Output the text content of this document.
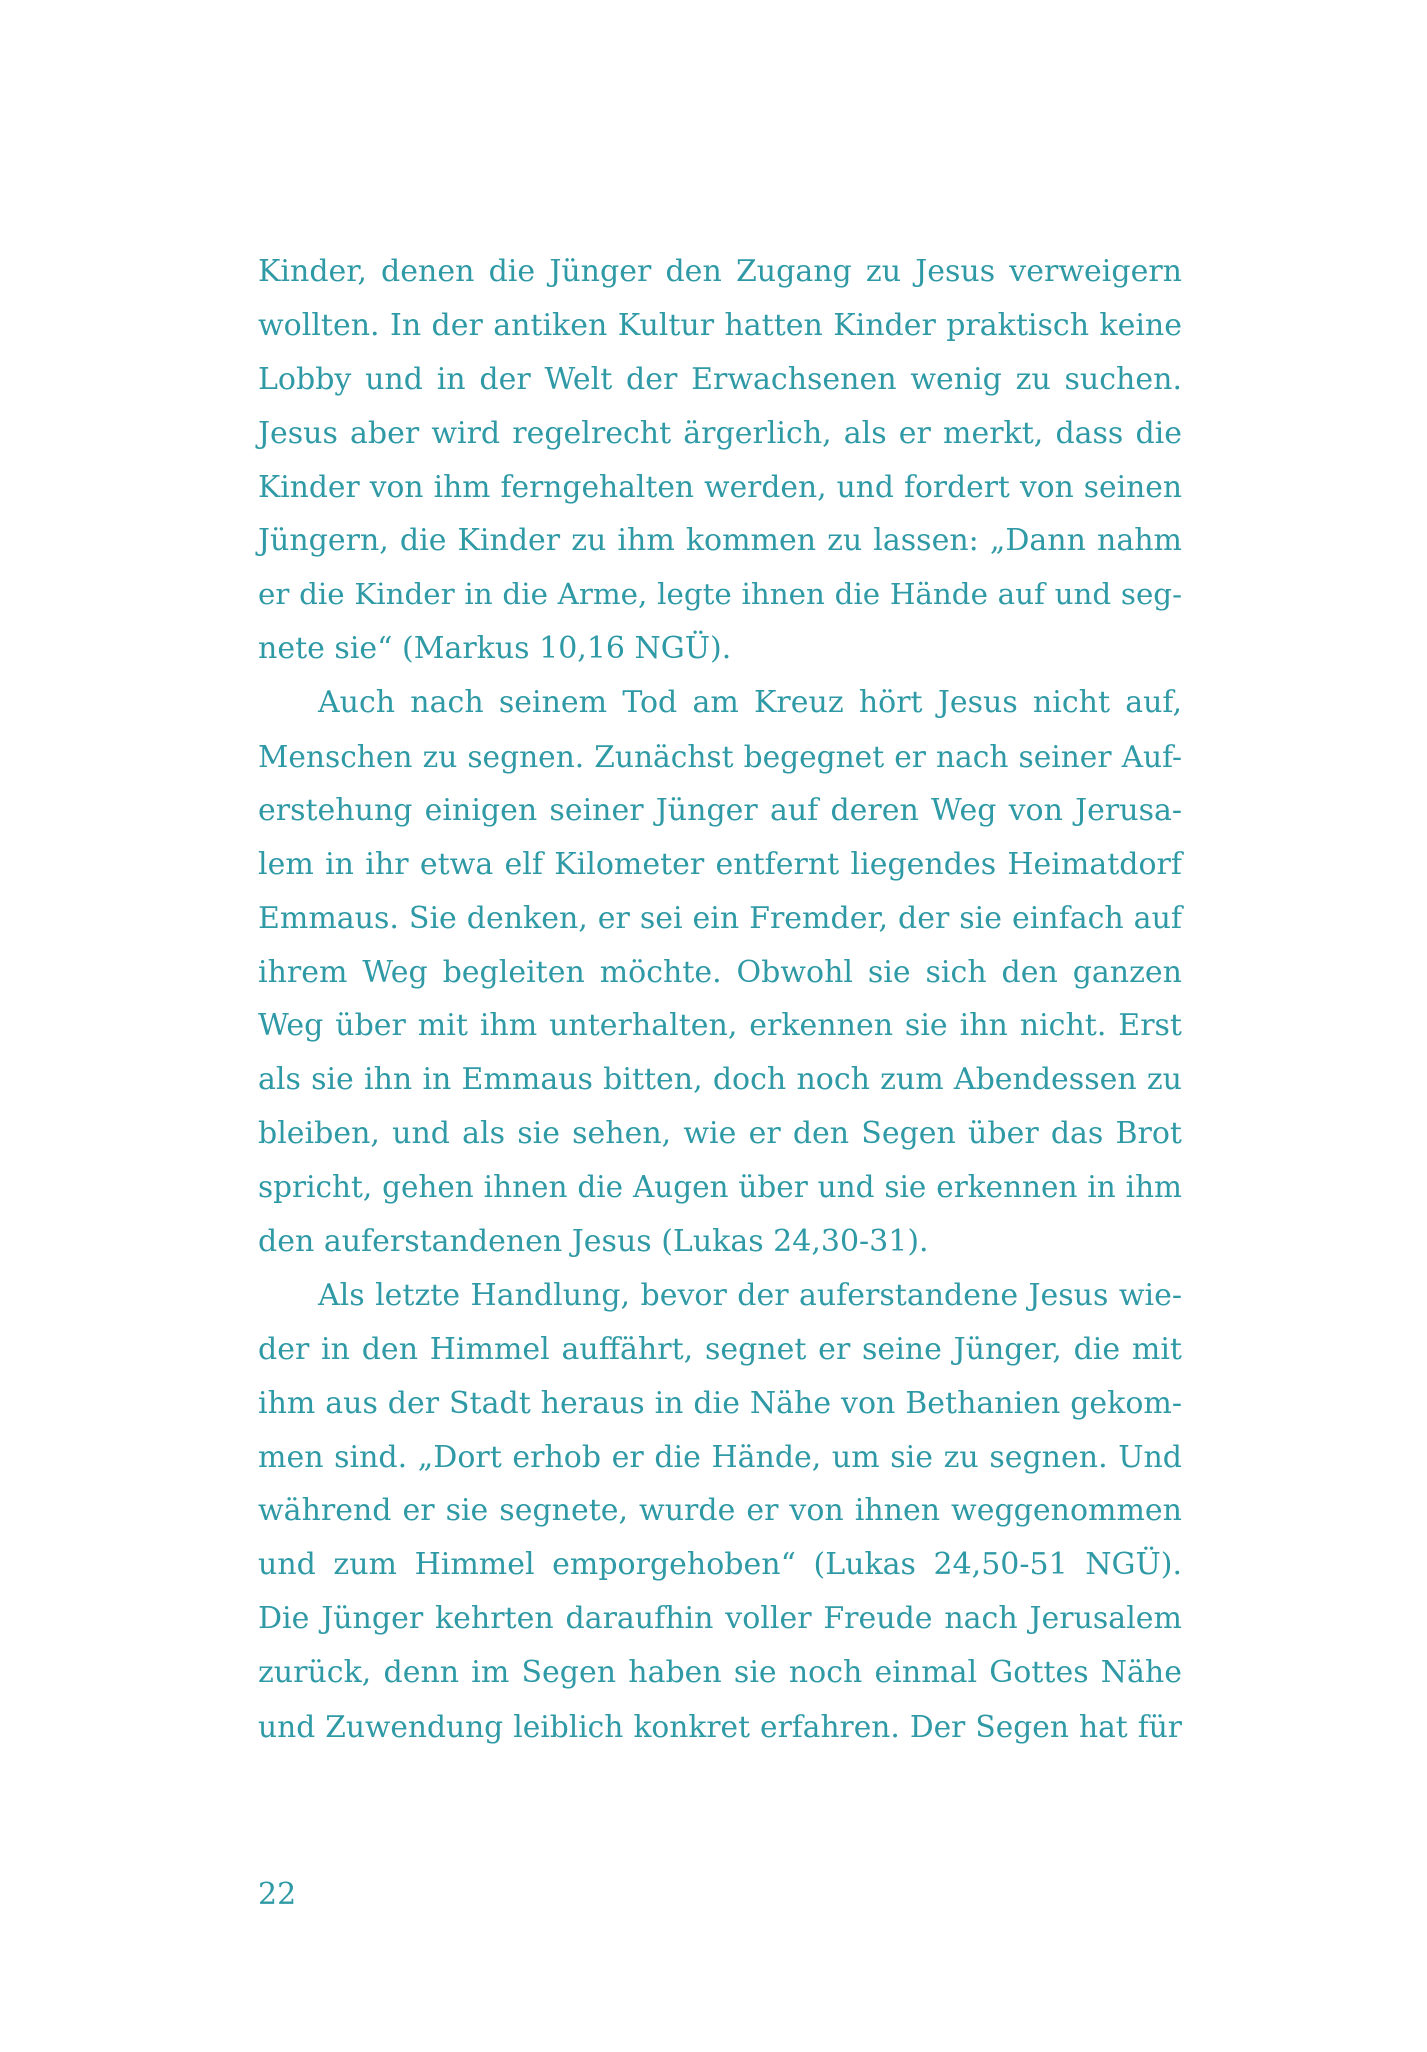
Kinder, denen die Jünger den Zugang zu Jesus verweigern
wollten. In der antiken Kultur hatten Kinder praktisch keine
Lobby und in der Welt der Erwachsenen wenig zu suchen.
Jesus aber wird regelrecht ärgerlich, als er merkt, dass die
Kinder von ihm ferngehalten werden, und fordert von seinen
Jüngern, die Kinder zu ihm kommen zu lassen: „Dann nahm
er die Kinder in die Arme, legte ihnen die Hände auf und seg-
nete sie“ (Markus 10,16 NGÜ).
Auch nach seinem Tod am Kreuz hört Jesus nicht auf,
Menschen zu segnen. Zunächst begegnet er nach seiner Auf-
erstehung einigen seiner Jünger auf deren Weg von Jerusa-
lem in ihr etwa elf Kilometer entfernt liegendes Heimatdorf
Emmaus. Sie denken, er sei ein Fremder, der sie einfach auf
ihrem Weg begleiten möchte. Obwohl sie sich den ganzen
Weg über mit ihm unterhalten, erkennen sie ihn nicht. Erst
als sie ihn in Emmaus bitten, doch noch zum Abendessen zu
bleiben, und als sie sehen, wie er den Segen über das Brot
spricht, gehen ihnen die Augen über und sie erkennen in ihm
den auferstandenen Jesus (Lukas 24,30-31).
Als letzte Handlung, bevor der auferstandene Jesus wie-
der in den Himmel auffährt, segnet er seine Jünger, die mit
ihm aus der Stadt heraus in die Nähe von Bethanien gekom-
men sind. „Dort erhob er die Hände, um sie zu segnen. Und
während er sie segnete, wurde er von ihnen weggenommen
und zum Himmel emporgehoben“ (Lukas 24,50-51 NGÜ).
Die Jünger kehrten daraufhin voller Freude nach Jerusalem
zurück, denn im Segen haben sie noch einmal Gottes Nähe
und Zuwendung leiblich konkret erfahren. Der Segen hat für
22
